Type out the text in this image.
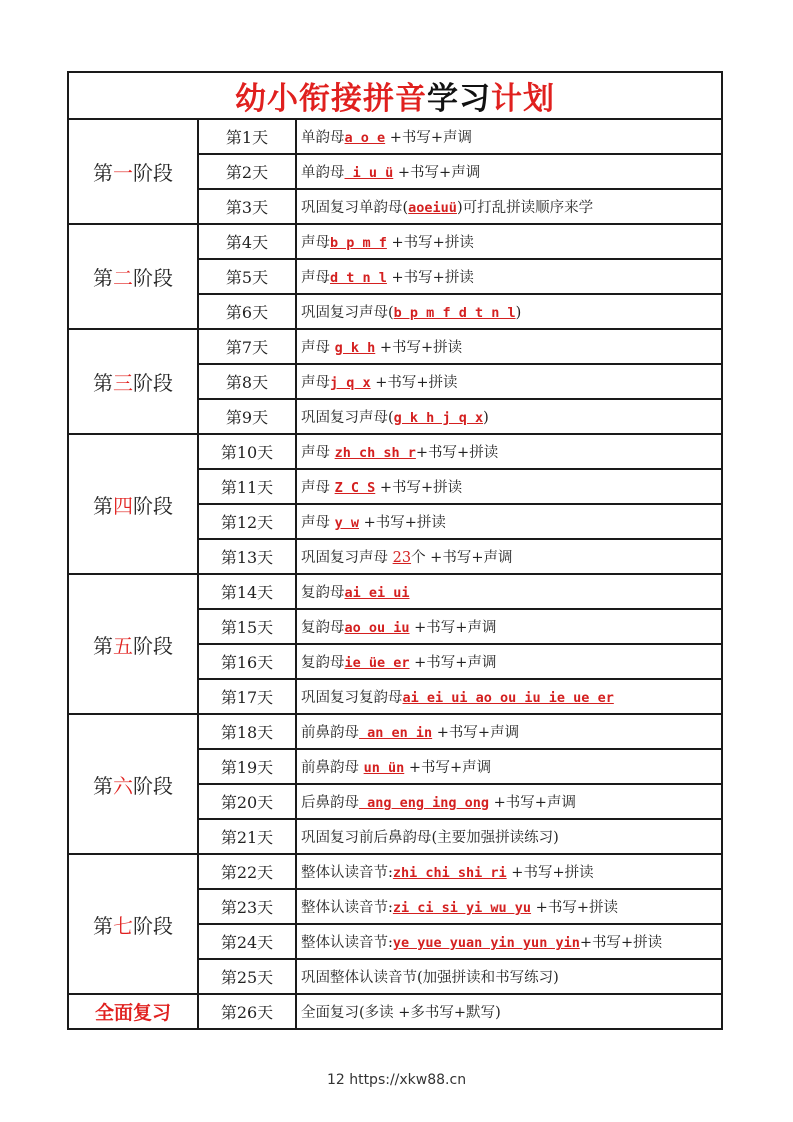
幼小衔接拼音学习计划		
第一阶段	第1天	单韵母a o e +书写+声调
	第2天	单韵母 i u ü +书写+声调
	第3天	巩固复习单韵母(aoeiuü)可打乱拼读顺序来学
第二阶段	第4天	声母b p m f +书写+拼读
	第5天	声母d t n l +书写+拼读
	第6天	巩固复习声母(b p m f d t n l)
第三阶段	第7天	声母 g k h +书写+拼读
	第8天	声母j q x +书写+拼读
	第9天	巩固复习声母(g k h j q x)
第四阶段	第10天	声母 zh ch sh r+书写+拼读
	第11天	声母 Z C S +书写+拼读
	第12天	声母 y w +书写+拼读
	第13天	巩固复习声母 23个 +书写+声调
第五阶段	第14天	复韵母ai ei ui
	第15天	复韵母ao ou iu +书写+声调
	第16天	复韵母ie üe er +书写+声调
	第17天	巩固复习复韵母ai ei ui ao ou iu ie ue er
第六阶段	第18天	前鼻韵母 an en in +书写+声调
	第19天	前鼻韵母 un ün +书写+声调
	第20天	后鼻韵母 ang eng ing ong +书写+声调
	第21天	巩固复习前后鼻韵母(主要加强拼读练习)
第七阶段	第22天	整体认读音节:zhi chi shi ri +书写+拼读
	第23天	整体认读音节:zi ci si yi wu yu +书写+拼读
	第24天	整体认读音节:ye yue yuan yin yun yin+书写+拼读
	第25天	巩固整体认读音节(加强拼读和书写练习)
全面复习	第26天	全面复习(多读 +多书写+默写)
12 https://xkw88.cn
